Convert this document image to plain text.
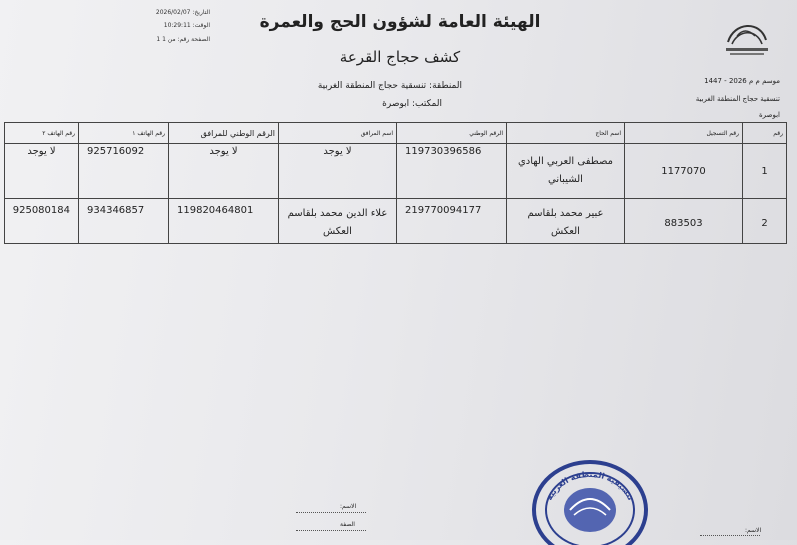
التاريخ: 2026/02/07
الوقت: 10:29:11
الصفحة رقم: من 1 1
الهيئة العامة لشؤون الحج والعمرة
كشف حجاج القرعة
المنطقة: تنسقية حجاج المنطقة الغربية
المكتب: ابوصرة
موسم م م 2026 - 1447
تنسقية حجاج المنطقة الغربية
ابوصرة
رقم	رقم التسجيل	اسم الحاج	الرقم الوطني	اسم المرافق	الرقم الوطني للمرافق	رقم الهاتف ١	رقم الهاتف ٢
1	1177070	مصطفى العربي الهادي الشيباني	119730396586	لا يوجد	لا يوجد	925716092	لا يوجد
2	883503	عبير محمد بلقاسم العكش	219770094177	علاء الدين محمد بلقاسم العكش	119820464801	934346857	925080184
الاسم:
الصفة
الاسم:
تنسيقية المنطقة الغربية
